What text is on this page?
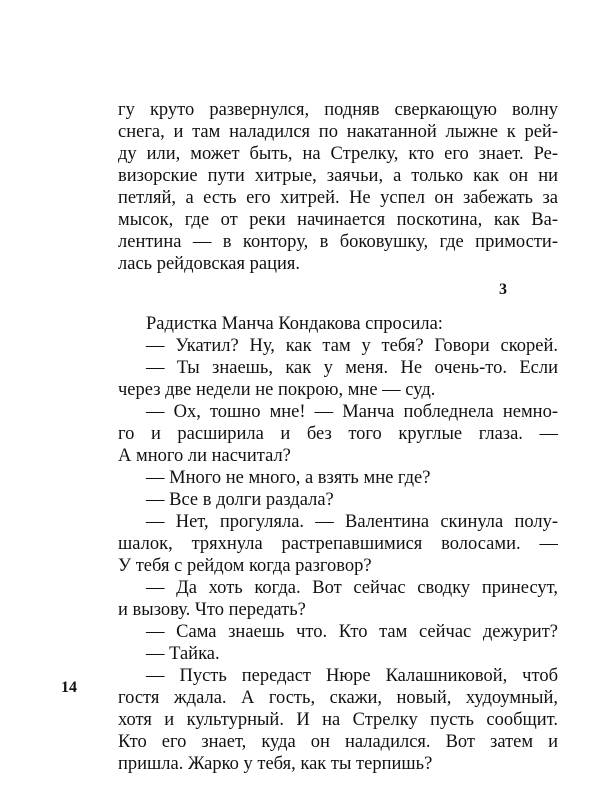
гу круто развернулся, подняв сверкающую волну
снега, и там наладился по накатанной лыжне к рей-
ду или, может быть, на Стрелку, кто его знает. Ре-
визорские пути хитрые, заячьи, а только как он ни
петляй, а есть его хитрей. Не успел он забежать за
мысок, где от реки начинается поскотина, как Ва-
лентина — в контору, в боковушку, где примости-
лась рейдовская рация.
3
Радистка Манча Кондакова спросила:
— Укатил? Ну, как там у тебя? Говори скорей.
— Ты знаешь, как у меня. Не очень-то. Если
через две недели не покрою, мне — суд.
— Ох, тошно мне! — Манча побледнела немно-
го и расширила и без того круглые глаза. —
А много ли насчитал?
— Много не много, а взять мне где?
— Все в долги раздала?
— Нет, прогуляла. — Валентина скинула полу-
шалок, тряхнула растрепавшимися волосами. —
У тебя с рейдом когда разговор?
— Да хоть когда. Вот сейчас сводку принесут,
и вызову. Что передать?
— Сама знаешь что. Кто там сейчас дежурит?
— Тайка.
— Пусть передаст Нюре Калашниковой, чтоб
гостя ждала. А гость, скажи, новый, худоумный,
хотя и культурный. И на Стрелку пусть сообщит.
Кто его знает, куда он наладился. Вот затем и
пришла. Жарко у тебя, как ты терпишь?
14
